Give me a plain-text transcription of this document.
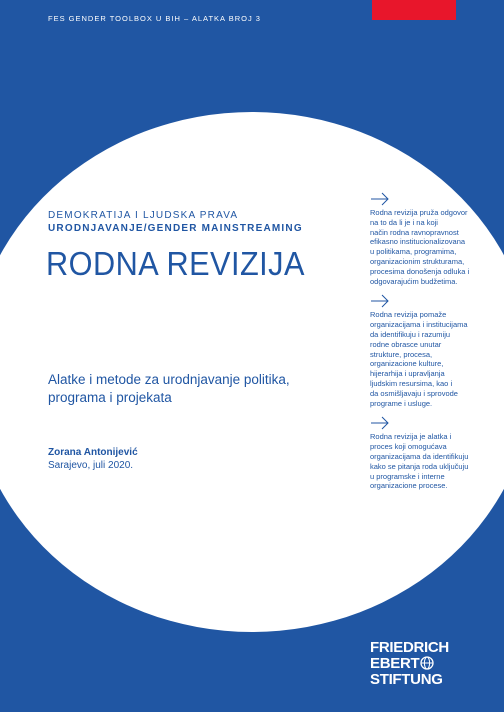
FES GENDER TOOLBOX U BIH – ALATKA BROJ 3
DEMOKRATIJA I LJUDSKA PRAVA
URODNJAVANJE/GENDER MAINSTREAMING
RODNA REVIZIJA
Alatke i metode za urodnjavanje politika,
programa i projekata
Zorana Antonijević
Sarajevo, juli 2020.
Rodna revizija pruža odgovor
na to da li je i na koji
način rodna ravnopravnost
efikasno institucionalizovana
u politikama, programima,
organizacionim strukturama,
procesima donošenja odluka i
odgovarajućim budžetima.
Rodna revizija pomaže
organizacijama i institucijama
da identifikuju i razumiju
rodne obrasce unutar
strukture, procesa,
organizacione kulture,
hijerarhija i upravljanja
ljudskim resursima, kao i
da osmišljavaju i sprovode
programe i usluge.
Rodna revizija je alatka i
proces koji omogućava
organizacijama da identifikuju
kako se pitanja roda uključuju
u programske i interne
organizacione procese.
FRIEDRICH
EBERT
STIFTUNG
